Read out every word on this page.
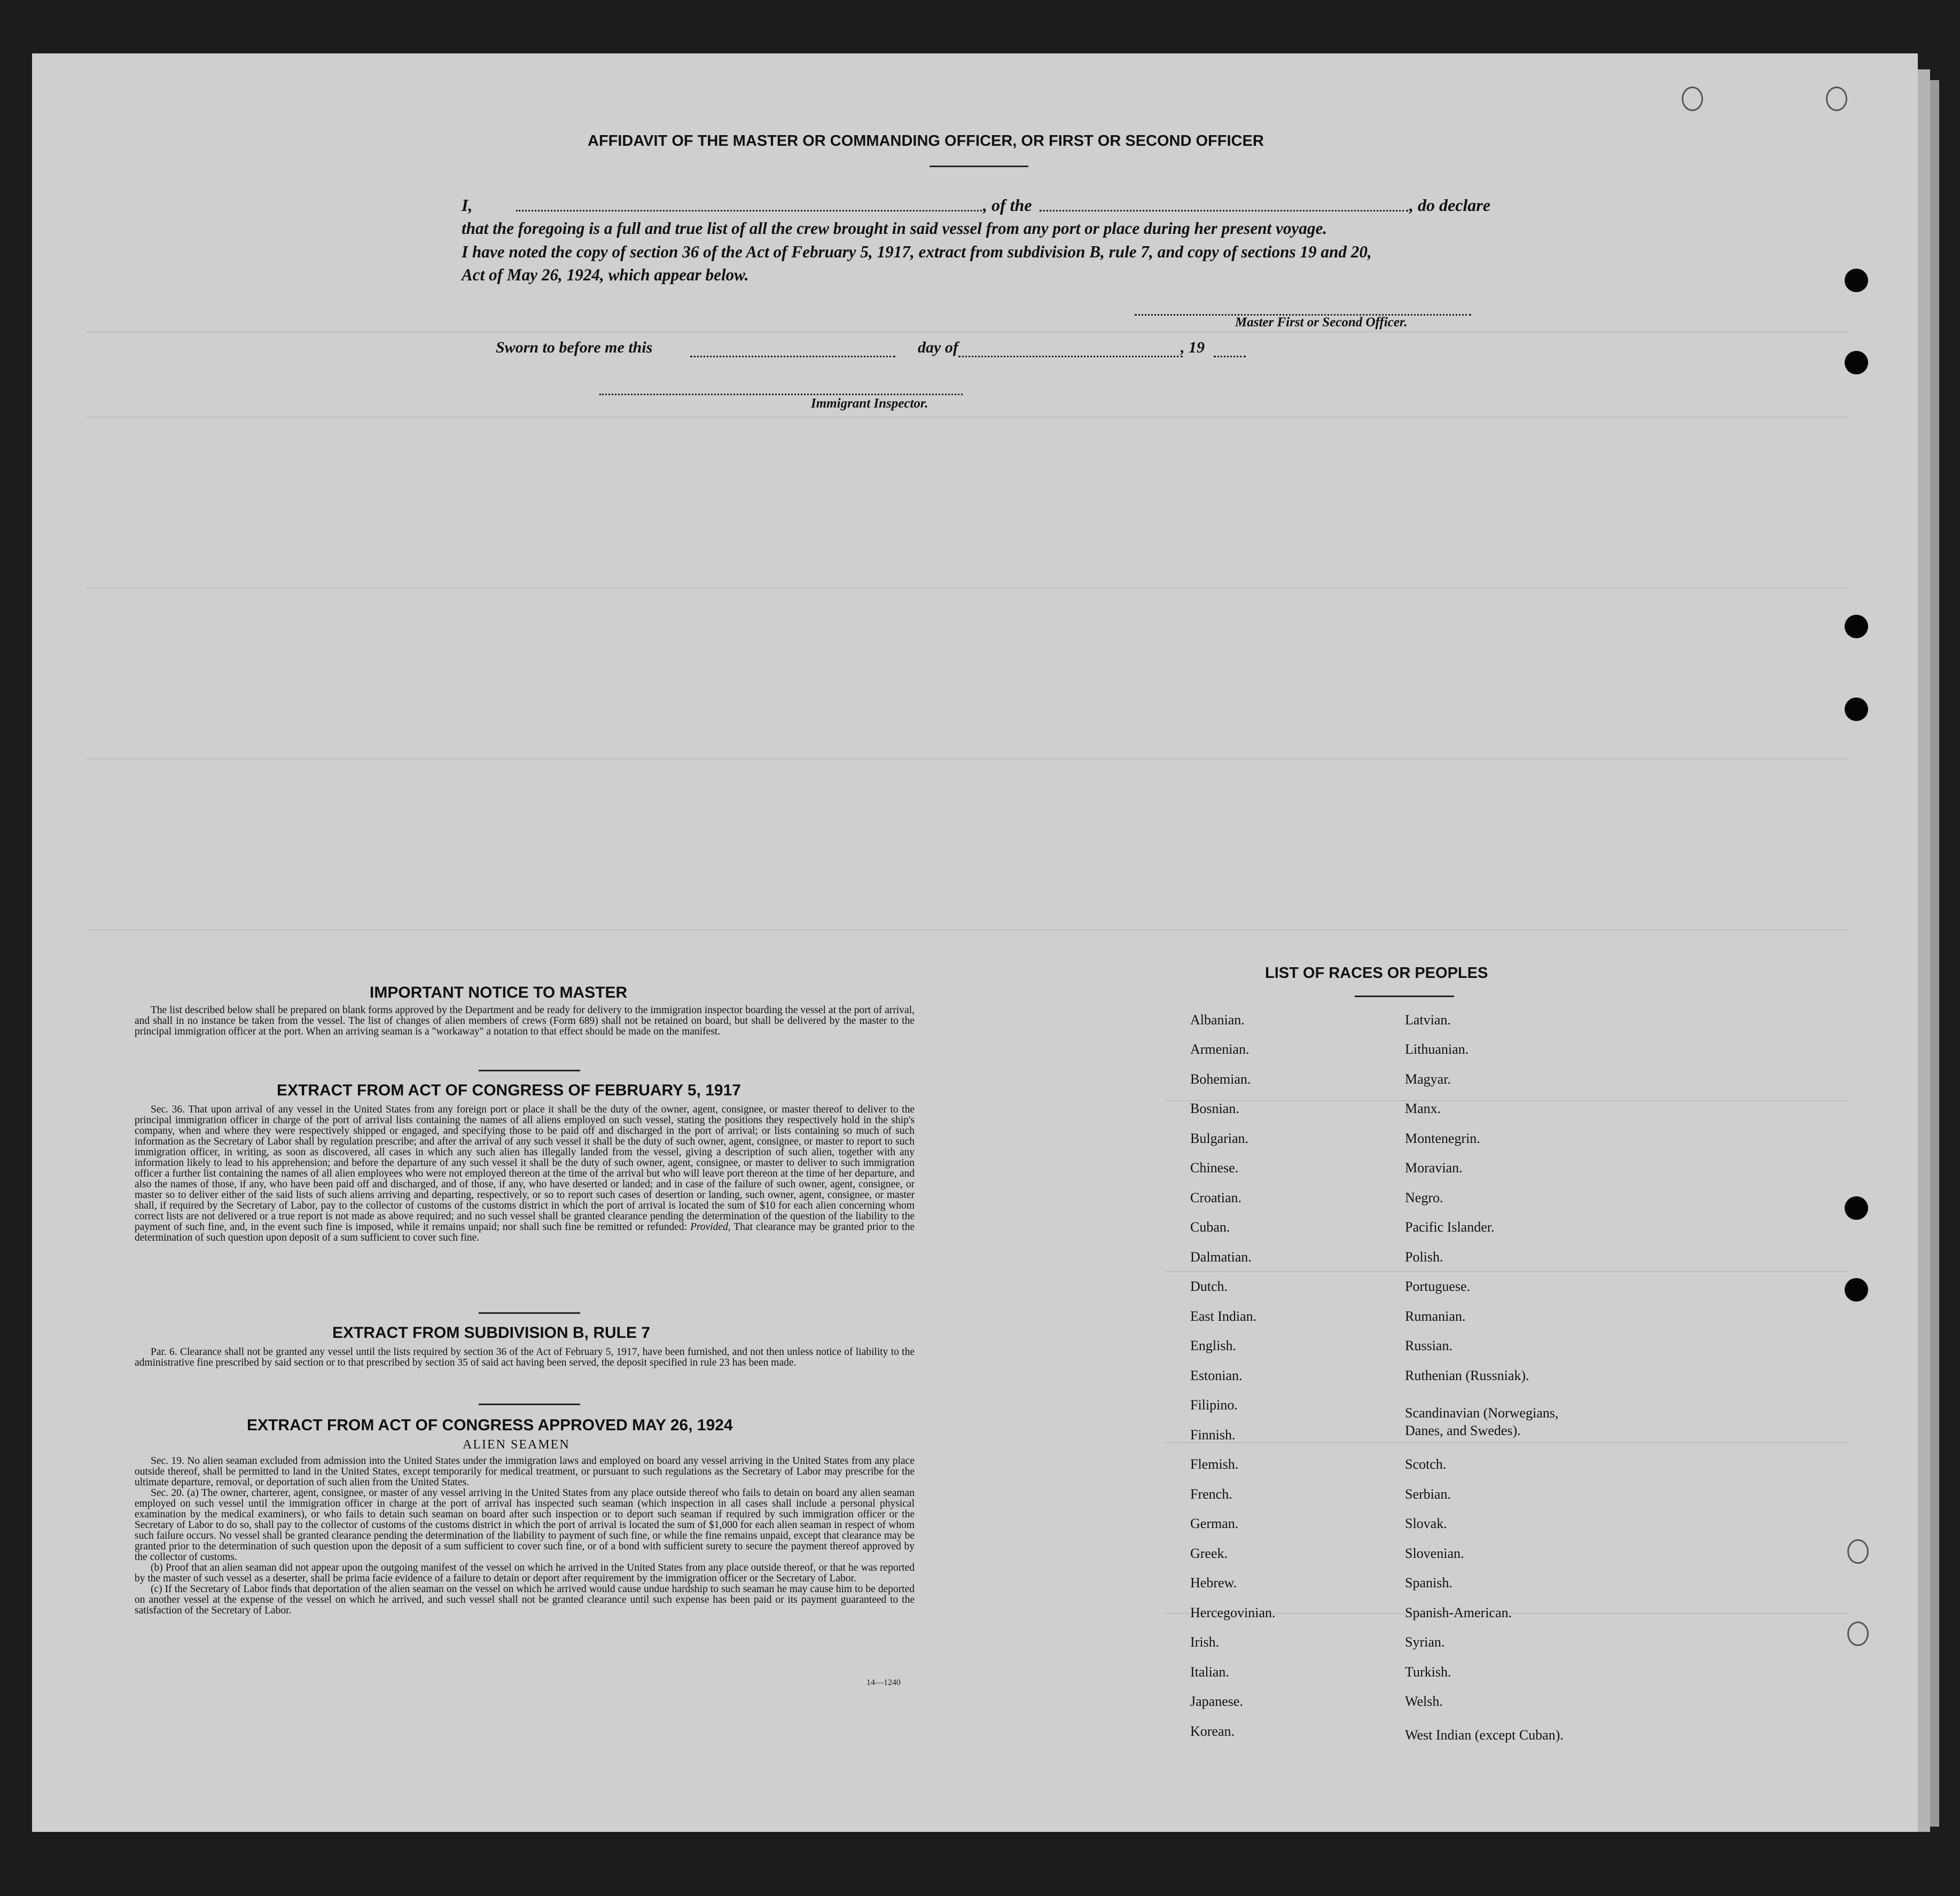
AFFIDAVIT OF THE MASTER OR COMMANDING OFFICER, OR FIRST OR SECOND OFFICER
I,	, of the	, do declare
that the foregoing is a full and true list of all the crew brought in said vessel from any port or place during her present voyage.
I have noted the copy of section 36 of the Act of February 5, 1917, extract from subdivision B, rule 7, and copy of sections 19 and 20,
Act of May 26, 1924, which appear below.
Master First or Second Officer.
Sworn to before me this	day of	, 19
Immigrant Inspector.
IMPORTANT NOTICE TO MASTER

The list described below shall be prepared on blank forms approved by the Department and be ready for delivery to the immigration inspector boarding the vessel at the port of arrival, and shall in no instance be taken from the vessel. The list of changes of alien members of crews (Form 689) shall not be retained on board, but shall be delivered by the master to the principal immigration officer at the port. When an arriving seaman is a "workaway" a notation to that effect should be made on the manifest.

EXTRACT FROM ACT OF CONGRESS OF FEBRUARY 5, 1917

Sec. 36. That upon arrival of any vessel in the United States from any foreign port or place it shall be the duty of the owner, agent, consignee, or master thereof to deliver to the principal immigration officer in charge of the port of arrival lists containing the names of all aliens employed on such vessel, stating the positions they respectively hold in the ship's company, when and where they were respectively shipped or engaged, and specifying those to be paid off and discharged in the port of arrival; or lists containing so much of such information as the Secretary of Labor shall by regulation prescribe; and after the arrival of any such vessel it shall be the duty of such owner, agent, consignee, or master to report to such immigration officer, in writing, as soon as discovered, all cases in which any such alien has illegally landed from the vessel, giving a description of such alien, together with any information likely to lead to his apprehension; and before the departure of any such vessel it shall be the duty of such owner, agent, consignee, or master to deliver to such immigration officer a further list containing the names of all alien employees who were not employed thereon at the time of the arrival but who will leave port thereon at the time of her departure, and also the names of those, if any, who have been paid off and discharged, and of those, if any, who have deserted or landed; and in case of the failure of such owner, agent, consignee, or master so to deliver either of the said lists of such aliens arriving and departing, respectively, or so to report such cases of desertion or landing, such owner, agent, consignee, or master shall, if required by the Secretary of Labor, pay to the collector of customs of the customs district in which the port of arrival is located the sum of $10 for each alien concerning whom correct lists are not delivered or a true report is not made as above required; and no such vessel shall be granted clearance pending the determination of the question of the liability to the payment of such fine, and, in the event such fine is imposed, while it remains unpaid; nor shall such fine be remitted or refunded: Provided, That clearance may be granted prior to the determination of such question upon deposit of a sum sufficient to cover such fine.

EXTRACT FROM SUBDIVISION B, RULE 7

Par. 6. Clearance shall not be granted any vessel until the lists required by section 36 of the Act of February 5, 1917, have been furnished, and not then unless notice of liability to the administrative fine prescribed by said section or to that prescribed by section 35 of said act having been served, the deposit specified in rule 23 has been made.

EXTRACT FROM ACT OF CONGRESS APPROVED MAY 26, 1924
ALIEN SEAMEN

Sec. 19. No alien seaman excluded from admission into the United States under the immigration laws and employed on board any vessel arriving in the United States from any place outside thereof, shall be permitted to land in the United States, except temporarily for medical treatment, or pursuant to such regulations as the Secretary of Labor may prescribe for the ultimate departure, removal, or deportation of such alien from the United States.

Sec. 20. (a) The owner, charterer, agent, consignee, or master of any vessel arriving in the United States from any place outside thereof who fails to detain on board any alien seaman employed on such vessel until the immigration officer in charge at the port of arrival has inspected such seaman (which inspection in all cases shall include a personal physical examination by the medical examiners), or who fails to detain such seaman on board after such inspection or to deport such seaman if required by such immigration officer or the Secretary of Labor to do so, shall pay to the collector of customs of the customs district in which the port of arrival is located the sum of $1,000 for each alien seaman in respect of whom such failure occurs. No vessel shall be granted clearance pending the determination of the liability to payment of such fine, or while the fine remains unpaid, except that clearance may be granted prior to the determination of such question upon the deposit of a sum sufficient to cover such fine, or of a bond with sufficient surety to secure the payment thereof approved by the collector of customs.

(b) Proof that an alien seaman did not appear upon the outgoing manifest of the vessel on which he arrived in the United States from any place outside thereof, or that he was reported by the master of such vessel as a deserter, shall be prima facie evidence of a failure to detain or deport after requirement by the immigration officer or the Secretary of Labor.

(c) If the Secretary of Labor finds that deportation of the alien seaman on the vessel on which he arrived would cause undue hardship to such seaman he may cause him to be deported on another vessel at the expense of the vessel on which he arrived, and such vessel shall not be granted clearance until such expense has been paid or its payment guaranteed to the satisfaction of the Secretary of Labor.

14—1240
LIST OF RACES OR PEOPLES
Albanian.
Armenian.
Bohemian.
Bosnian.
Bulgarian.
Chinese.
Croatian.
Cuban.
Dalmatian.
Dutch.
East Indian.
English.
Estonian.
Filipino.
Finnish.
Flemish.
French.
German.
Greek.
Hebrew.
Hercegovinian.
Irish.
Italian.
Japanese.
Korean.
Latvian.
Lithuanian.
Magyar.
Manx.
Montenegrin.
Moravian.
Negro.
Pacific Islander.
Polish.
Portuguese.
Rumanian.
Russian.
Ruthenian (Russniak).
Scandinavian (Norwegians,
Danes, and Swedes).
Scotch.
Serbian.
Slovak.
Slovenian.
Spanish.
Spanish-American.
Syrian.
Turkish.
Welsh.
West Indian (except Cuban).
